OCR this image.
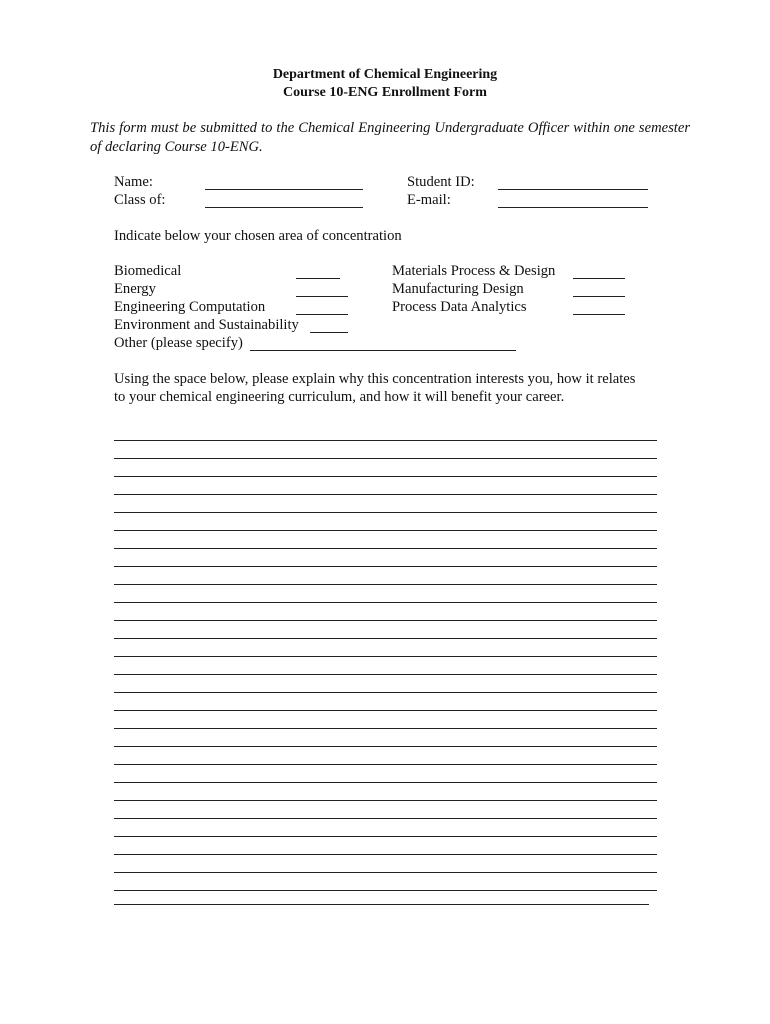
Department of Chemical Engineering
Course 10-ENG Enrollment Form
This form must be submitted to the Chemical Engineering Undergraduate Officer within one semester of declaring Course 10-ENG.
Name:
Class of:
Student ID:
E-mail:
Indicate below your chosen area of concentration
Biomedical
Energy
Engineering Computation
Environment and Sustainability
Other (please specify)
Materials Process & Design
Manufacturing Design
Process Data Analytics
Using the space below, please explain why this concentration interests you, how it relates
to your chemical engineering curriculum, and how it will benefit your career.
